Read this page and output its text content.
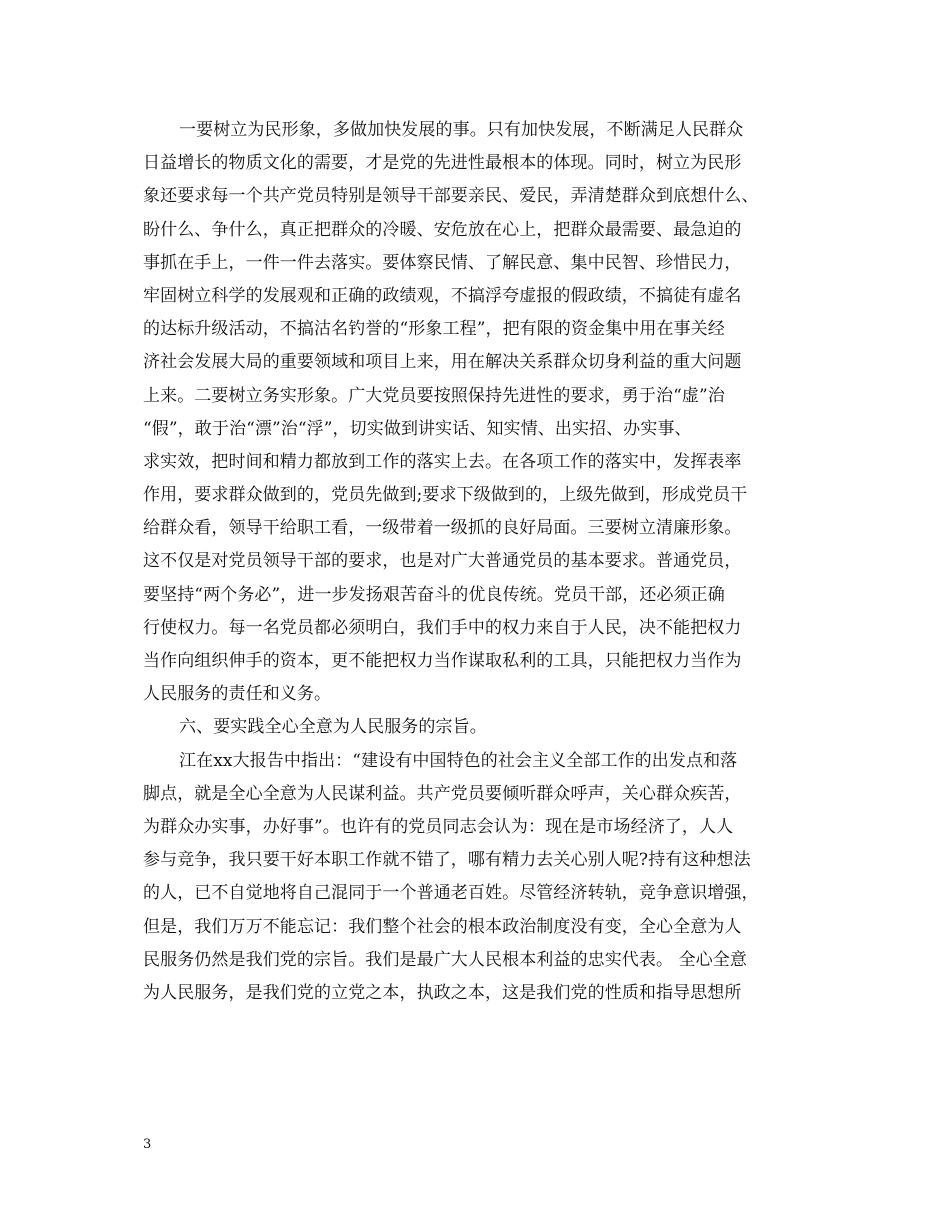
一要树立为民形象，多做加快发展的事。只有加快发展，不断满足人民群众
日益增长的物质文化的需要，才是党的先进性最根本的体现。同时，树立为民形
象还要求每一个共产党员特别是领导干部要亲民、爱民，弄清楚群众到底想什么、
盼什么、争什么，真正把群众的冷暖、安危放在心上，把群众最需要、最急迫的
事抓在手上，一件一件去落实。要体察民情、了解民意、集中民智、珍惜民力，
牢固树立科学的发展观和正确的政绩观，不搞浮夸虚报的假政绩，不搞徒有虚名
的达标升级活动，不搞沽名钓誉的“形象工程”，把有限的资金集中用在事关经
济社会发展大局的重要领域和项目上来，用在解决关系群众切身利益的重大问题
上来。二要树立务实形象。广大党员要按照保持先进性的要求，勇于治“虚”治
“假”，敢于治“漂”治“浮”，切实做到讲实话、知实情、出实招、办实事、
求实效，把时间和精力都放到工作的落实上去。在各项工作的落实中，发挥表率
作用，要求群众做到的，党员先做到;要求下级做到的，上级先做到，形成党员干
给群众看，领导干给职工看，一级带着一级抓的良好局面。三要树立清廉形象。
这不仅是对党员领导干部的要求，也是对广大普通党员的基本要求。普通党员，
要坚持“两个务必”，进一步发扬艰苦奋斗的优良传统。党员干部，还必须正确
行使权力。每一名党员都必须明白，我们手中的权力来自于人民，决不能把权力
当作向组织伸手的资本，更不能把权力当作谋取私利的工具，只能把权力当作为
人民服务的责任和义务。
六、要实践全心全意为人民服务的宗旨。
江在xx大报告中指出：“建设有中国特色的社会主义全部工作的出发点和落
脚点，就是全心全意为人民谋利益。共产党员要倾听群众呼声，关心群众疾苦，
为群众办实事，办好事”。也许有的党员同志会认为：现在是市场经济了，人人
参与竞争，我只要干好本职工作就不错了，哪有精力去关心别人呢?持有这种想法
的人，已不自觉地将自己混同于一个普通老百姓。尽管经济转轨，竞争意识增强，
但是，我们万万不能忘记：我们整个社会的根本政治制度没有变，全心全意为人
民服务仍然是我们党的宗旨。我们是最广大人民根本利益的忠实代表。 全心全意
为人民服务，是我们党的立党之本，执政之本，这是我们党的性质和指导思想所
3
